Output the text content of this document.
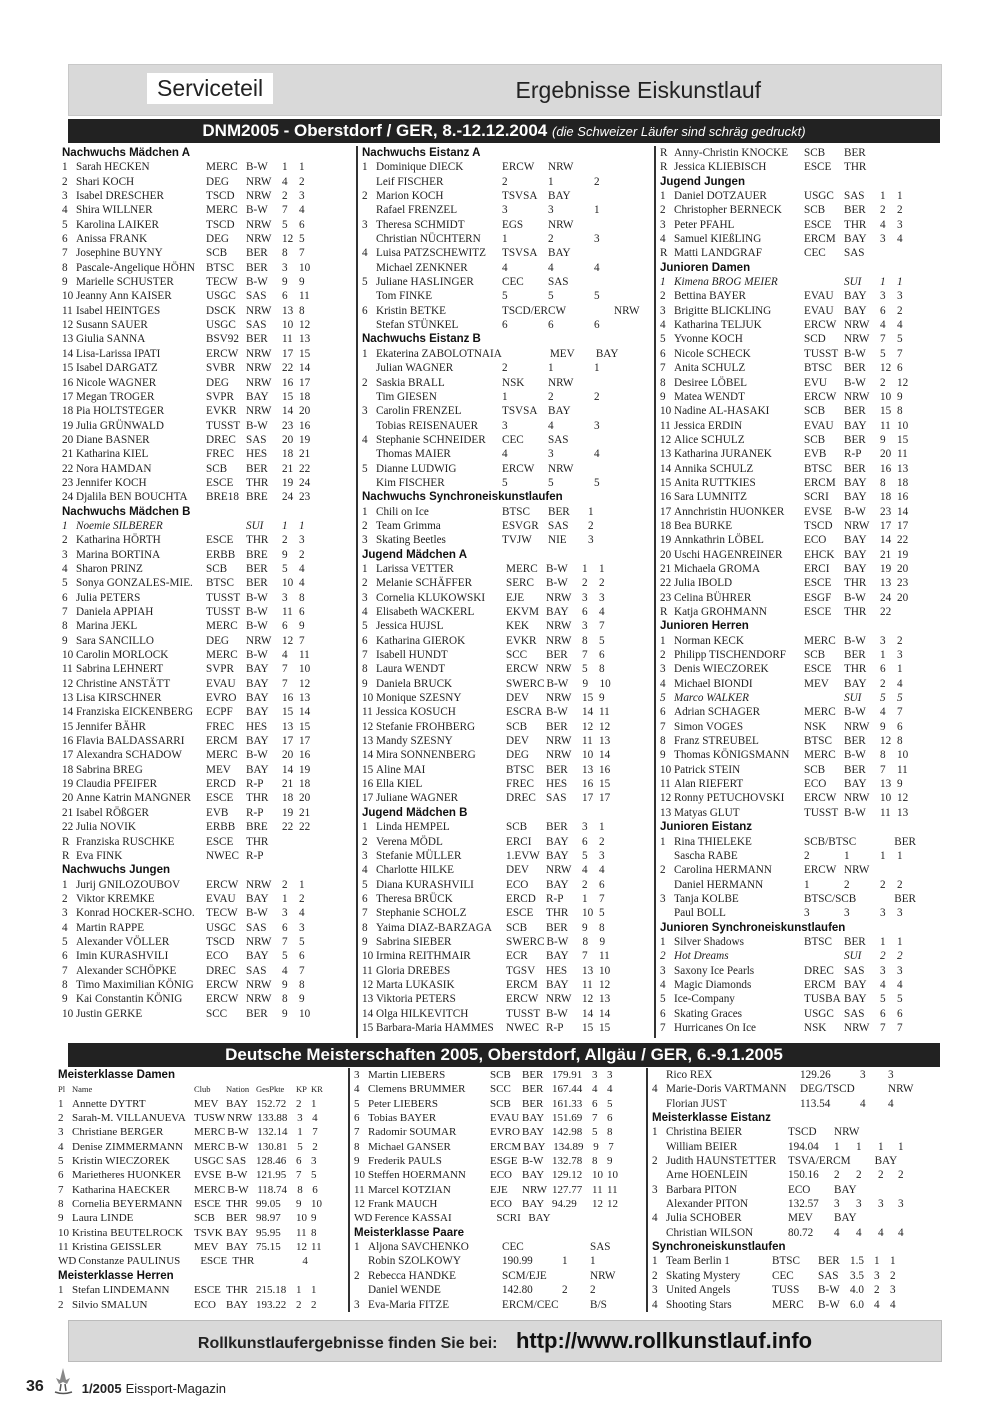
Serviceteil	Ergebnisse Eiskunstlauf
DNM2005 - Oberstdorf / GER, 8.-12.12.2004 (die Schweizer Läufer sind schräg gedruckt)
Nachwuchs Mädchen A
1 Sarah HECKEN	MERC B-W	1	1
2 Shari KOCH	DEG	NRW 4	2
3 Isabel DRESCHER	TSCD	NRW 2	3
4 Shira WILLNER	MERC B-W	7	4
5 Karolina LAIKER	TSCD	NRW 5	6
6 Anissa FRANK	DEG	NRW 12 5
7 Josephine BUYNY	SCB	BER	8	7
8 Pascale-Angelique HÖHN BTSC	BER	3	10
9 Marielle SCHUSTER	TECW B-W	9	9
10 Jeanny Ann KAISER	USGC SAS	6	11
11 Isabel HEINTGES	DSCK NRW 13 8
12 Susann SAUER	USGC SAS	10 12
13 Giulia SANNA	BSV92 BER	11 13
14 Lisa-Larissa IPATI	ERCW NRW 17 15
15 Isabel DARGATZ	SVBR NRW 22 14
16 Nicole WAGNER	DEG	NRW 16 17
17 Megan TROGER	SVPR	BAY	15 18
18 Pia HOLTSTEGER	EVKR NRW 14 20
19 Julia GRÜNWALD	TUSST B-W	23 16
20 Diane BASNER	DREC SAS	20 19
21 Katharina KIEL	FREC	HES	18 21
22 Nora HAMDAN	SCB	BER	21 22
23 Jennifer KOCH	ESCE	THR	19 24
24 Djalila BEN BOUCHTA	BRE18 BRE	24 23
Nachwuchs Mädchen B
1 Noemie SILBERER	SUI	1	1
2 Katharina HÖRTH	ESCE	THR	2	3
3 Marina BORTINA	ERBB BRE	9	2
4 Sharon PRINZ	SCB	BER	5	4
5 Sonya GONZALES-MIE.	BTSC	BER	10 4
6 Julia PETERS	TUSST B-W	3	8
7 Daniela APPIAH	TUSST B-W	11 6
8 Marina JEKL	MERC B-W	6	9
9 Sara SANCILLO	DEG	NRW 12 7
10 Carolin MORLOCK	MERC B-W	4	11
11 Sabrina LEHNERT	SVPR	BAY	7	10
12 Christine ANSTÄTT	EVAU BAY	7	12
13 Lisa KIRSCHNER	EVRO BAY	16 13
14 Franziska EICKENBERG	ECPF	BAY	15 14
15 Jennifer BÄHR	FREC	HES	13 15
16 Flavia BALDASSARRI	ERCM BAY	17 17
17 Alexandra SCHADOW	MERC B-W	20 16
18 Sabrina BREG	MEV	BAY	14 19
19 Claudia PFEIFER	ERCD R-P	21 18
20 Anne Katrin MANGNER	ESCE	THR	18 20
21 Isabel RÖßGER	EVB	R-P	19 21
22 Julia NOVIK	ERBB BRE	22 22
R Franziska RUSCHKE	ESCE	THR
R Eva FINK	NWEC R-P
Nachwuchs Jungen
1 Jurij GNILOZOUBOV	ERCW NRW 2	1
2 Viktor KREMKE	EVAU BAY	1	2
3 Konrad HOCKER-SCHO.	TECW B-W	3	4
4 Martin RAPPE	USGC SAS	6	3
5 Alexander VÖLLER	TSCD	NRW 7	5
6 Imin KURASHVILI	ECO	BAY	5	6
7 Alexander SCHÖPKE	DREC SAS	4	7
8 Timo Maximilian KÖNIG	ERCW NRW 9	8
9 Kai Constantin KÖNIG	ERCW NRW 8	9
10 Justin GERKE	SCC	BER	9	10
Nachwuchs Eistanz A
1 Dominique DIECK	ERCW	NRW
Leif FISCHER	2	1	2
2 Marion KOCH	TSVSA BAY
Rafael FRENZEL	3	3	1
3 Theresa SCHMIDT	EGS	NRW
Christian NÜCHTERN	1	2	3
4 Luisa PATZSCHEWITZ	TSVSA BAY
Michael ZENKNER	4	4	4
5 Juliane HASLINGER	CEC	SAS
Tom FINKE	5	5	5
6 Kristin BETKE	TSCD/ERCW	NRW
Stefan STÜNKEL	6	6	6
Nachwuchs Eistanz B
1 Ekaterina ZABOLOTNAIA	MEV	BAY
Julian WAGNER	2	1	1
2 Saskia BRALL	NSK	NRW
Tim GIESEN	1	2	2
3 Carolin FRENZEL	TSVSA BAY
Tobias REISENAUER	3	4	3
4 Stephanie SCHNEIDER	CEC	SAS
Thomas MAIER	4	3	4
5 Dianne LUDWIG	ERCW	NRW
Kim FISCHER	5	5	5
Nachwuchs Synchroneiskunstlaufen
1 Chili on Ice	BTSC	BER	1
2 Team Grimma	ESVGR SAS	2
3 Skating Beetles	TVJW	NIE	3
Jugend Mädchen A
1 Larissa VETTER	MERC B-W	1	1
2 Melanie SCHÄFFER	SERC	B-W	2	2
3 Cornelia KLUKOWSKI	EJE	NRW 3	3
4 Elisabeth WACKERL	EKVM BAY	6	4
5 Jessica HUJSL	KEK	NRW 3	7
6 Katharina GIEROK	EVKR NRW 8	5
7 Isabell HUNDT	SCC	BER	7	6
8 Laura WENDT	ERCW NRW 5	8
9 Daniela BRUCK	SWERC B-W	9	10
10 Monique SZESNY	DEV	NRW 15 9
11 Jessica KOSUCH	ESCRA B-W	14 11
12 Stefanie FROHBERG	SCB	BER	12 12
13 Mandy SZESNY	DEV	NRW 11 13
14 Mira SONNENBERG	DEG	NRW 10 14
15 Aline MAI	BTSC	BER	13 16
16 Ella KIEL	FREC	HES	16 15
17 Juliane WAGNER	DREC SAS	17 17
Jugend Mädchen B
1 Linda HEMPEL	SCB	BER	3	1
2 Verena MÖDL	ERCI	BAY	6	2
3 Stefanie MÜLLER	1.EVW BAY	5	3
4 Charlotte HILKE	DEV	NRW 4	4
5 Diana KURASHVILI	ECO	BAY	2	6
6 Theresa BRÜCK	ERCD R-P	1	7
7 Stephanie SCHOLZ	ESCE	THR	10 5
8 Yaima DIAZ-BARZAGA	SCB	BER	9	8
9 Sabrina SIEBER	SWERC B-W	8	9
10 Irmina REITHMAIR	ECR	BAY	7	11
11 Gloria DREBES	TGSV HES	13 10
12 Marta LUKASIK	ERCM BAY	11 12
13 Viktoria PETERS	ERCW NRW 12 13
14 Olga HILKEVITCH	TUSST B-W	14 14
15 Barbara-Maria HAMMES	NWEC R-P	15 15
R Anny-Christin KNOCKE	SCB	BER
R Jessica KLIEBISCH	ESCE	THR
Jugend Jungen
1 Daniel DOTZAUER	USGC SAS	1	1
2 Christopher BERNECK	SCB	BER	2	2
3 Peter PFAHL	ESCE	THR	4	3
4 Samuel KIEßLING	ERCM BAY	3	4
R Matti LANDGRAF	CEC	SAS
Junioren Damen
1 Kimena BROG MEIER	SUI	1	1
2 Bettina BAYER	EVAU BAY	3	3
3 Brigitte BLICKLING	EVAU BAY	6	2
4 Katharina TELJUK	ERCW NRW 4	4
5 Yvonne KOCH	SCD	NRW 7	5
6 Nicole SCHECK	TUSST B-W	5	7
7 Anita SCHULZ	BTSC	BER	12 6
8 Desiree LÖBEL	EVU	B-W	2	12
9 Matea WENDT	ERCW NRW 10 9
10 Nadine AL-HASAKI	SCB	BER	15 8
11 Jessica ERDIN	EVAU BAY	11 10
12 Alice SCHULZ	SCB	BER	9	15
13 Katharina JURANEK	EVB	R-P	20 11
14 Annika SCHULZ	BTSC	BER	16 13
15 Anita RUTTKIES	ERCM BAY	8	18
16 Sara LUMNITZ	SCRI	BAY	18 16
17 Annchristin HUONKER	EVSE	B-W	23 14
18 Bea BURKE	TSCD	NRW 17 17
19 Annkathrin LÖBEL	ECO	BAY	14 22
20 Uschi HAGENREINER	EHCK BAY	21 19
21 Michaela GROMA	ERCI	BAY	19 20
22 Julia IBOLD	ESCE	THR	13 23
23 Celina BÜHRER	ESGF	B-W	24 20
R Katja GROHMANN	ESCE	THR	22
Junioren Herren
1 Norman KECK	MERC B-W	3	2
2 Philipp TISCHENDORF	SCB	BER	1	3
3 Denis WIECZOREK	ESCE	THR	6	1
4 Michael BIONDI	MEV	BAY	2	4
5 Marco WALKER	SUI	5	5
6 Adrian SCHAGER	MERC B-W	4	7
7 Simon VOGES	NSK	NRW 9	6
8 Franz STREUBEL	BTSC	BER	12 8
9 Thomas KÖNIGSMANN	MERC B-W	8	10
10 Patrick STEIN	SCB	BER	7	11
11 Alan RIEFERT	ECO	BAY	13 9
12 Ronny PETUCHOVSKI	ERCW NRW 10 12
13 Matyas GLUT	TUSST B-W	11 13
Junioren Eistanz
1 Rina THIELEKE	SCB/BTSC	BER
Sascha RABE	2	1	1	1
2 Carolina HERMANN	ERCW NRW
Daniel HERMANN	1	2	2	2
3 Tanja KOLBE	BTSC/SCB	BER
Paul BOLL	3	3	3	3
Junioren Synchroneiskunstlaufen
1 Silver Shadows	BTSC	BER	1	1
2 Hot Dreams	SUI	2	2
3 Saxony Ice Pearls	DREC SAS	3	3
4 Magic Diamonds	ERCM BAY	4	4
5 Ice-Company	TUSBA BAY	5	5
6 Skating Graces	USGC SAS	6	6
7 Hurricanes On Ice	NSK	NRW 7	7
Deutsche Meisterschaften 2005, Oberstdorf, Allgäu / GER, 6.-9.1.2005
Meisterklasse Damen
Pl Name	Club	Nation GesPkte	KP KR
1 Annette DYTRT	MEV BAY 152.72 2 1
2 Sarah-M. VILLANUEVA TUSW NRW 133.88 3 4
3 Christiane BERGER	MERC B-W 132.14 1 7
4 Denise ZIMMERMANN	MERC B-W 130.81 5 2
5 Kristin WIECZOREK	USGC SAS 128.46 6 3
6 Marietheres HUONKER	EVSE B-W 121.95 7 5
7 Katharina HAECKER	MERC B-W 118.74 8 6
8 Cornelia BEYERMANN	ESCE THR 99.05	9 10
9 Laura LINDE	SCB	BER 98.97	10 9
10 Kristina BEUTELROCK	TSVK BAY 95.95	11 8
11 Kristina GEISSLER	MEV BAY 75.15	12 11
WD Constanze PAULINUS	ESCE THR	4
Meisterklasse Herren
1 Stefan LINDEMANN	ESCE THR 215.18 1 1
2 Silvio SMALUN	ECO BAY 193.22 2 2
3 Martin LIEBERS	SCB	BER 179.91 3 3
4 Clemens BRUMMER	SCC	BER 167.44 4 4
5 Peter LIEBERS	SCB	BER 161.33 6 5
6 Tobias BAYER	EVAU BAY 151.69 7 6
7 Radomir SOUMAR	EVRO BAY 142.98 5 8
8 Michael GANSER	ERCM BAY 134.89 9 7
9 Frederik PAULS	ESGE B-W 132.78 8 9
10 Steffen HOERMANN	ECO BAY 129.12 10 10
11 Marcel KOTZIAN	EJE	NRW 127.77 11 11
12 Frank MAUCH	ECO BAY 94.29	12 12
WD Ference KASSAI	SCRI BAY
Meisterklasse Paare
1 Aljona SAVCHENKO	CEC	SAS
Robin SZOLKOWY	190.99	1	1
2 Rebecca HANDKE	SCM/EJE	NRW
Daniel WENDE	142.80	2	2
3 Eva-Maria FITZE	ERCM/CEC	B/S
Rico REX	129.26	3	3
4 Marie-Doris VARTMANN	DEG/TSCD	NRW
Florian JUST	113.54	4	4
Meisterklasse Eistanz
1 Christina BEIER	TSCD	NRW
William BEIER	194.04	1	1	1	1
2 Judith HAUNSTETTER	TSVA/ERCM BAY
Arne HOENLEIN	150.16	2	2	2	2
3 Barbara PITON	ECO	BAY
Alexander PITON	132.57	3	3	3	3
4 Julia SCHOBER	MEV	BAY
Christian WILSON	80.72	4	4	4	4
Synchroneiskunstlaufen
1 Team Berlin 1	BTSC	BER 1.5 1 1
2 Skating Mystery	CEC	SAS	3.5 3 2
3 United Angels	TUSS	B-W 4.0 2 3
4 Shooting Stars	MERC	B-W 6.0 4 4
Rollkunstlaufergebnisse finden Sie bei: http://www.rollkunstlauf.info
36	1/2005 Eissport-Magazin
